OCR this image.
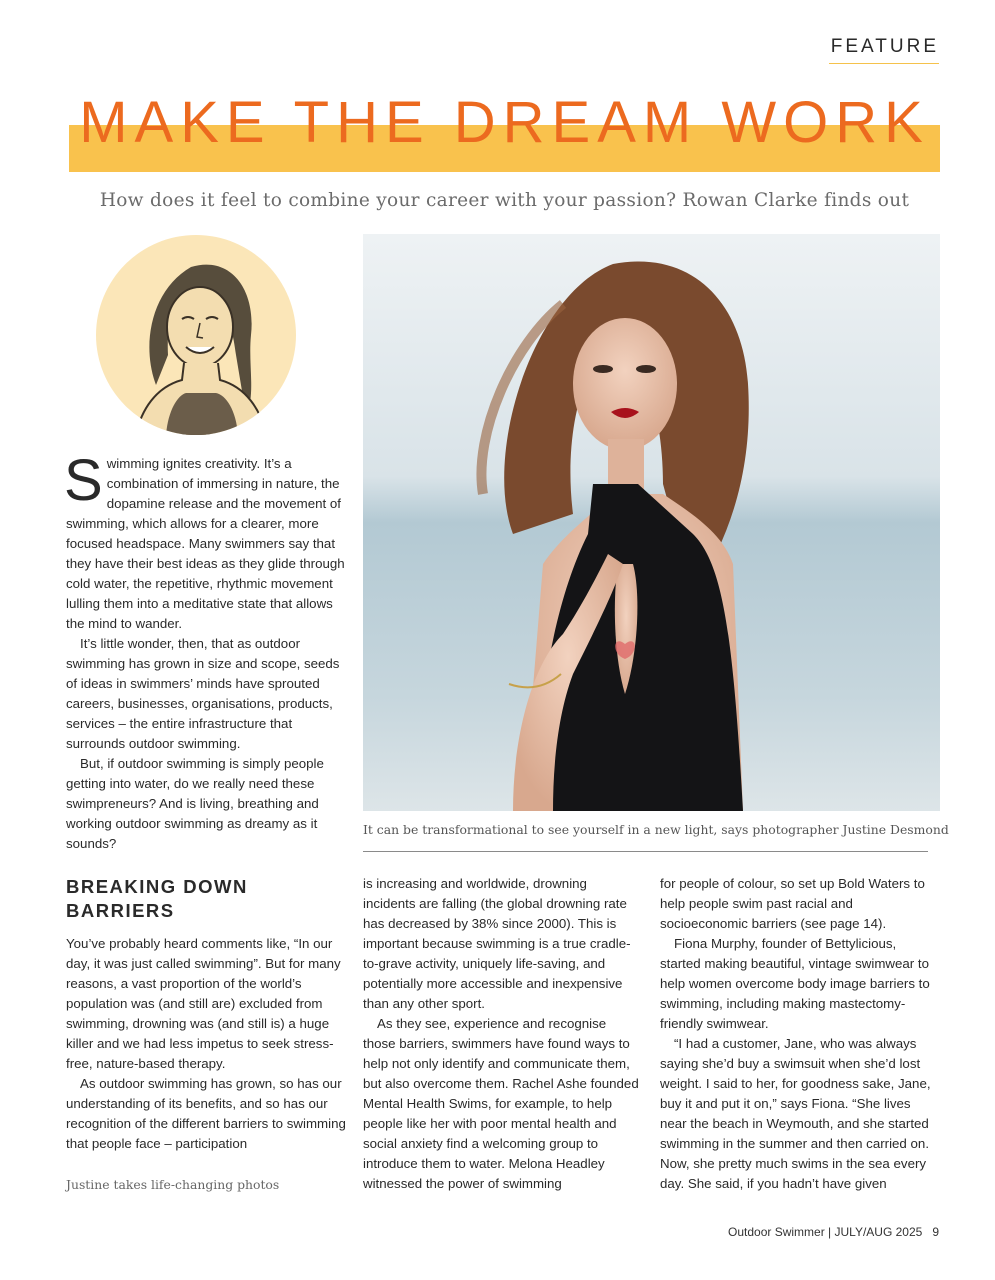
FEATURE
MAKE THE DREAM WORK
How does it feel to combine your career with your passion? Rowan Clarke finds out
It can be transformational to see yourself in a new light, says photographer Justine Desmond

Swimming ignites creativity. It’s a combination of immersing in nature, the dopamine release and the movement of swimming, which allows for a clearer, more focused headspace. Many swimmers say that they have their best ideas as they glide through cold water, the repetitive, rhythmic movement lulling them into a meditative state that allows the mind to wander.

It’s little wonder, then, that as outdoor swimming has grown in size and scope, seeds of ideas in swimmers’ minds have sprouted careers, businesses, organisations, products, services – the entire infrastructure that surrounds outdoor swimming.

But, if outdoor swimming is simply people getting into water, do we really need these swimpreneurs? And is living, breathing and working outdoor swimming as dreamy as it sounds?

BREAKING DOWN BARRIERS

You’ve probably heard comments like, “In our day, it was just called swimming”. But for many reasons, a vast proportion of the world’s population was (and still are) excluded from swimming, drowning was (and still is) a huge killer and we had less impetus to seek stress-free, nature-based therapy.

As outdoor swimming has grown, so has our understanding of its benefits, and so has our recognition of the different barriers to swimming that people face – participation

is increasing and worldwide, drowning incidents are falling (the global drowning rate has decreased by 38% since 2000). This is important because swimming is a true cradle-to-grave activity, uniquely life-saving, and potentially more accessible and inexpensive than any other sport.

As they see, experience and recognise those barriers, swimmers have found ways to help not only identify and communicate them, but also overcome them. Rachel Ashe founded Mental Health Swims, for example, to help people like her with poor mental health and social anxiety find a welcoming group to introduce them to water. Melona Headley witnessed the power of swimming

for people of colour, so set up Bold Waters to help people swim past racial and socioeconomic barriers (see page 14).

Fiona Murphy, founder of Bettylicious, started making beautiful, vintage swimwear to help women overcome body image barriers to swimming, including making mastectomy-friendly swimwear.

“I had a customer, Jane, who was always saying she’d buy a swimsuit when she’d lost weight. I said to her, for goodness sake, Jane, buy it and put it on,” says Fiona. “She lives near the beach in Weymouth, and she started swimming in the summer and then carried on. Now, she pretty much swims in the sea every day. She said, if you hadn’t have given

Justine takes life-changing photos
Outdoor Swimmer | JULY/AUG 2025 9
